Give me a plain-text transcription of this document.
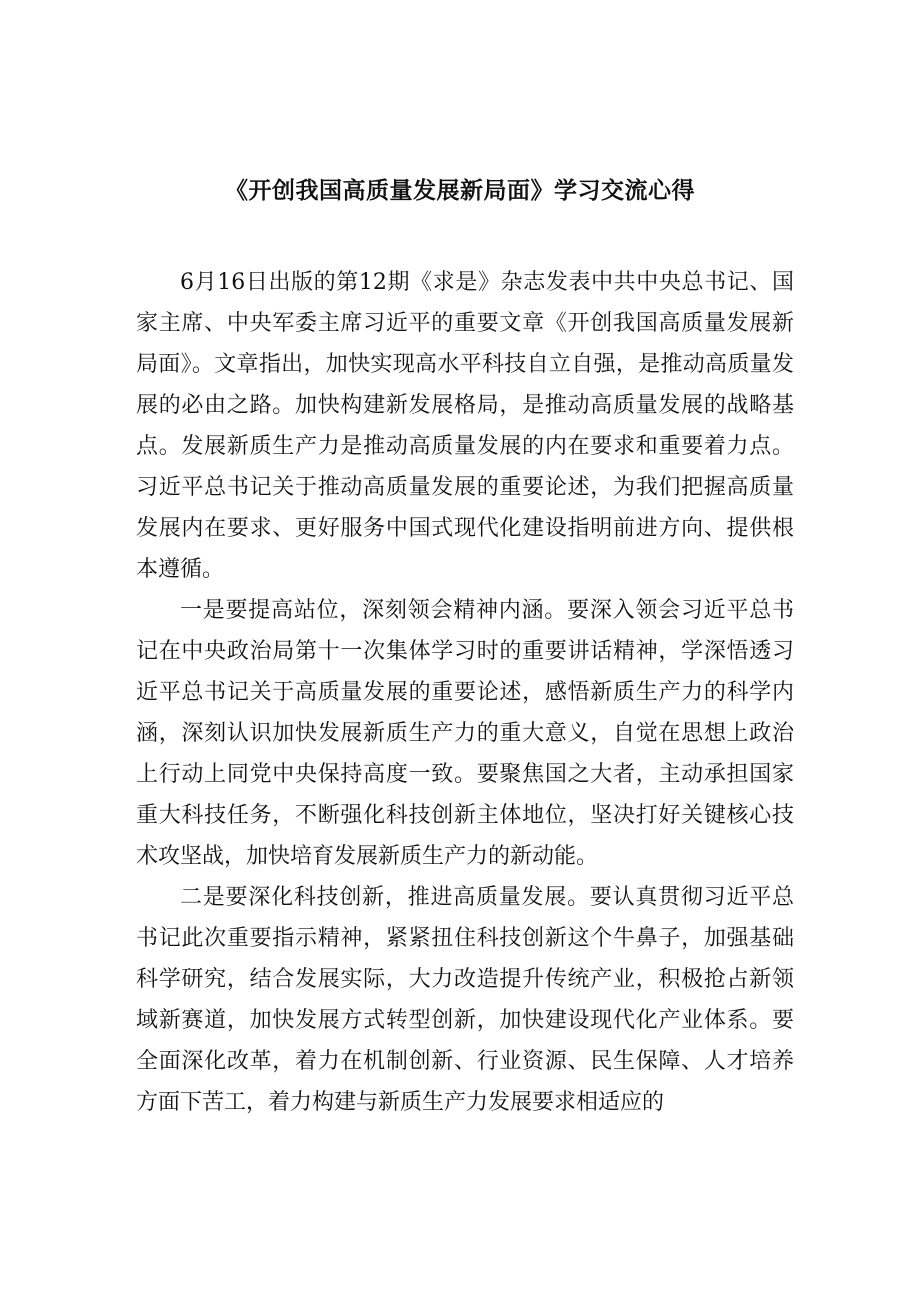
《开创我国高质量发展新局面》学习交流心得

6月16日出版的第12期《求是》杂志发表中共中央总书记、国家主席、中央军委主席习近平的重要文章《开创我国高质量发展新局面》。文章指出，加快实现高水平科技自立自强，是推动高质量发展的必由之路。加快构建新发展格局，是推动高质量发展的战略基点。发展新质生产力是推动高质量发展的内在要求和重要着力点。习近平总书记关于推动高质量发展的重要论述，为我们把握高质量发展内在要求、更好服务中国式现代化建设指明前进方向、提供根本遵循。

一是要提高站位，深刻领会精神内涵。要深入领会习近平总书记在中央政治局第十一次集体学习时的重要讲话精神，学深悟透习近平总书记关于高质量发展的重要论述，感悟新质生产力的科学内涵，深刻认识加快发展新质生产力的重大意义，自觉在思想上政治上行动上同党中央保持高度一致。要聚焦国之大者，主动承担国家重大科技任务，不断强化科技创新主体地位，坚决打好关键核心技术攻坚战，加快培育发展新质生产力的新动能。

二是要深化科技创新，推进高质量发展。要认真贯彻习近平总书记此次重要指示精神，紧紧扭住科技创新这个牛鼻子，加强基础科学研究，结合发展实际，大力改造提升传统产业，积极抢占新领域新赛道，加快发展方式转型创新，加快建设现代化产业体系。要全面深化改革，着力在机制创新、行业资源、民生保障、人才培养方面下苦工，着力构建与新质生产力发展要求相适应的
